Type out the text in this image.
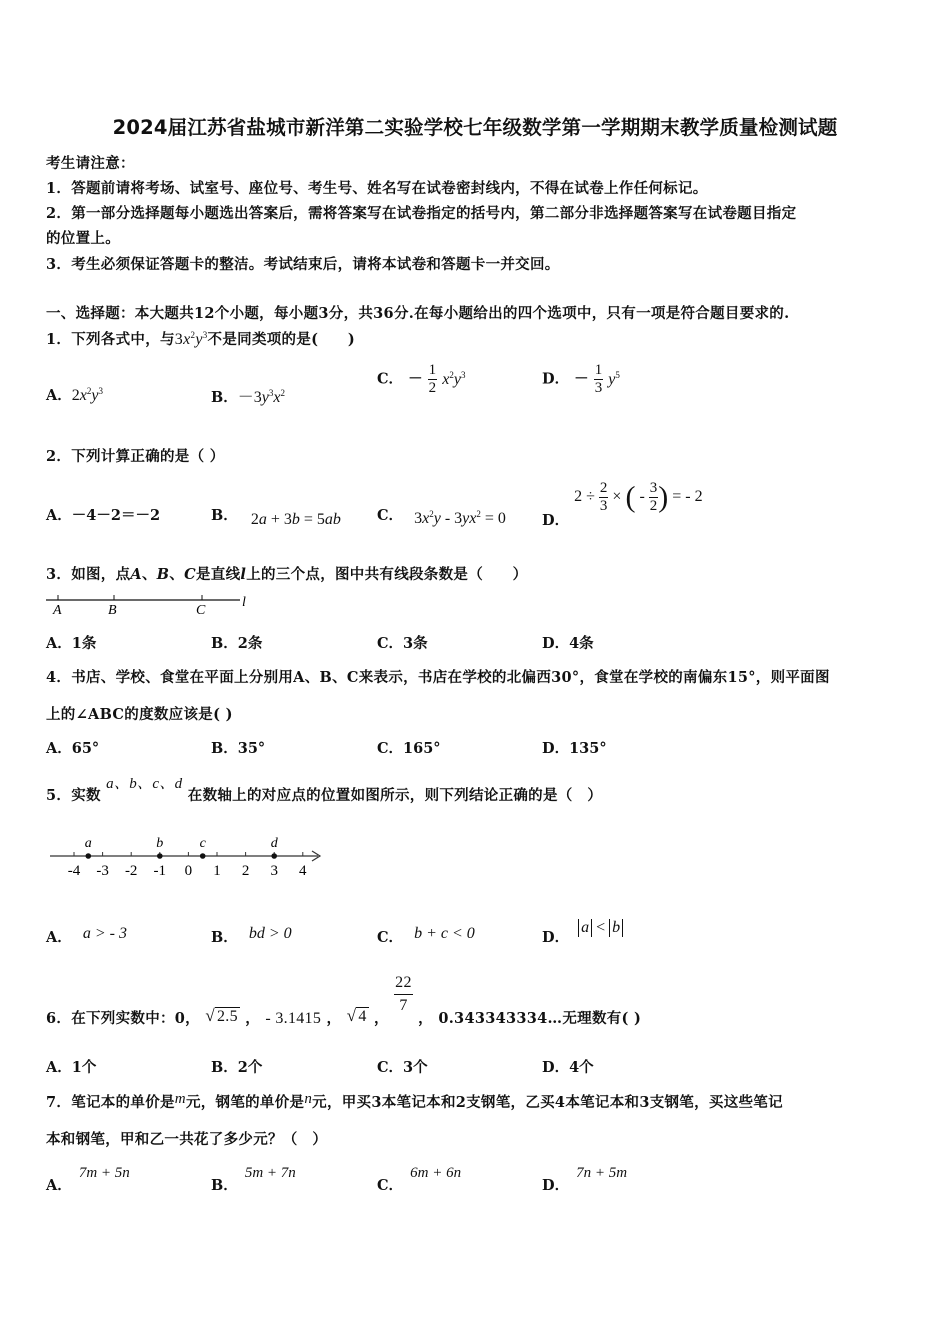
2024届江苏省盐城市新洋第二实验学校七年级数学第一学期期末教学质量检测试题
考生请注意：
1．答题前请将考场、试室号、座位号、考生号、姓名写在试卷密封线内，不得在试卷上作任何标记。
2．第一部分选择题每小题选出答案后，需将答案写在试卷指定的括号内，第二部分非选择题答案写在试卷题目指定
的位置上。
3．考生必须保证答题卡的整洁。考试结束后，请将本试卷和答题卡一并交回。
一、选择题：本大题共12个小题，每小题3分，共36分.在每小题给出的四个选项中，只有一项是符合题目要求的.
1．下列各式中，与$3x^2y^3$不是同类项的是(　　)
A．$2x^2y^3$	B．$-3y^3x^2$
C． － $\frac{1}{2} x^2y^3$	D． － $\frac{1}{3} y^5$
2．下列计算正确的是（ ）
A．－4－2＝－2	B． 2a + 3b = 5ab C． $3x^2y - 3yx^2 = 0$ D． $2 \div \frac{2}{3}$ × ( - $\frac{3}{2}$ ) = - 2
3．如图，点A、B、C是直线l上的三个点，图中共有线段条数是（　　）
A	B	C
l
A．1条	B．2条	C．3条	D．4条
4．书店、学校、食堂在平面上分别用A、B、C来表示，书店在学校的北偏西30°，食堂在学校的南偏东15°，则平面图
上的∠ABC的度数应该是( )
A．65°	B．35°	C．165°	D．135°
5．实数 a、b、c、d 在数轴上的对应点的位置如图所示，则下列结论正确的是（　）
-4 -3 -2 -1 0 1 2 3 4
a	b	c	d
A． a > - 3	B． bd > 0	C． b + c < 0	D． a < b
6．在下列实数中：0， √ 2.5 ， - 3.1415 ， √ 4 ，
$\frac{22}{7}$
， 0.343343334…无理数有( )
A．1个	B．2个	C．3个	D．4个
7．笔记本的单价是m元，钢笔的单价是n元，甲买3本笔记本和2支钢笔，乙买4本笔记本和3支钢笔，买这些笔记
本和钢笔，甲和乙一共花了多少元？（　）
A． 7m + 5n
B． 5m + 7n
C． 6m + 6n
D． 7n + 5m
